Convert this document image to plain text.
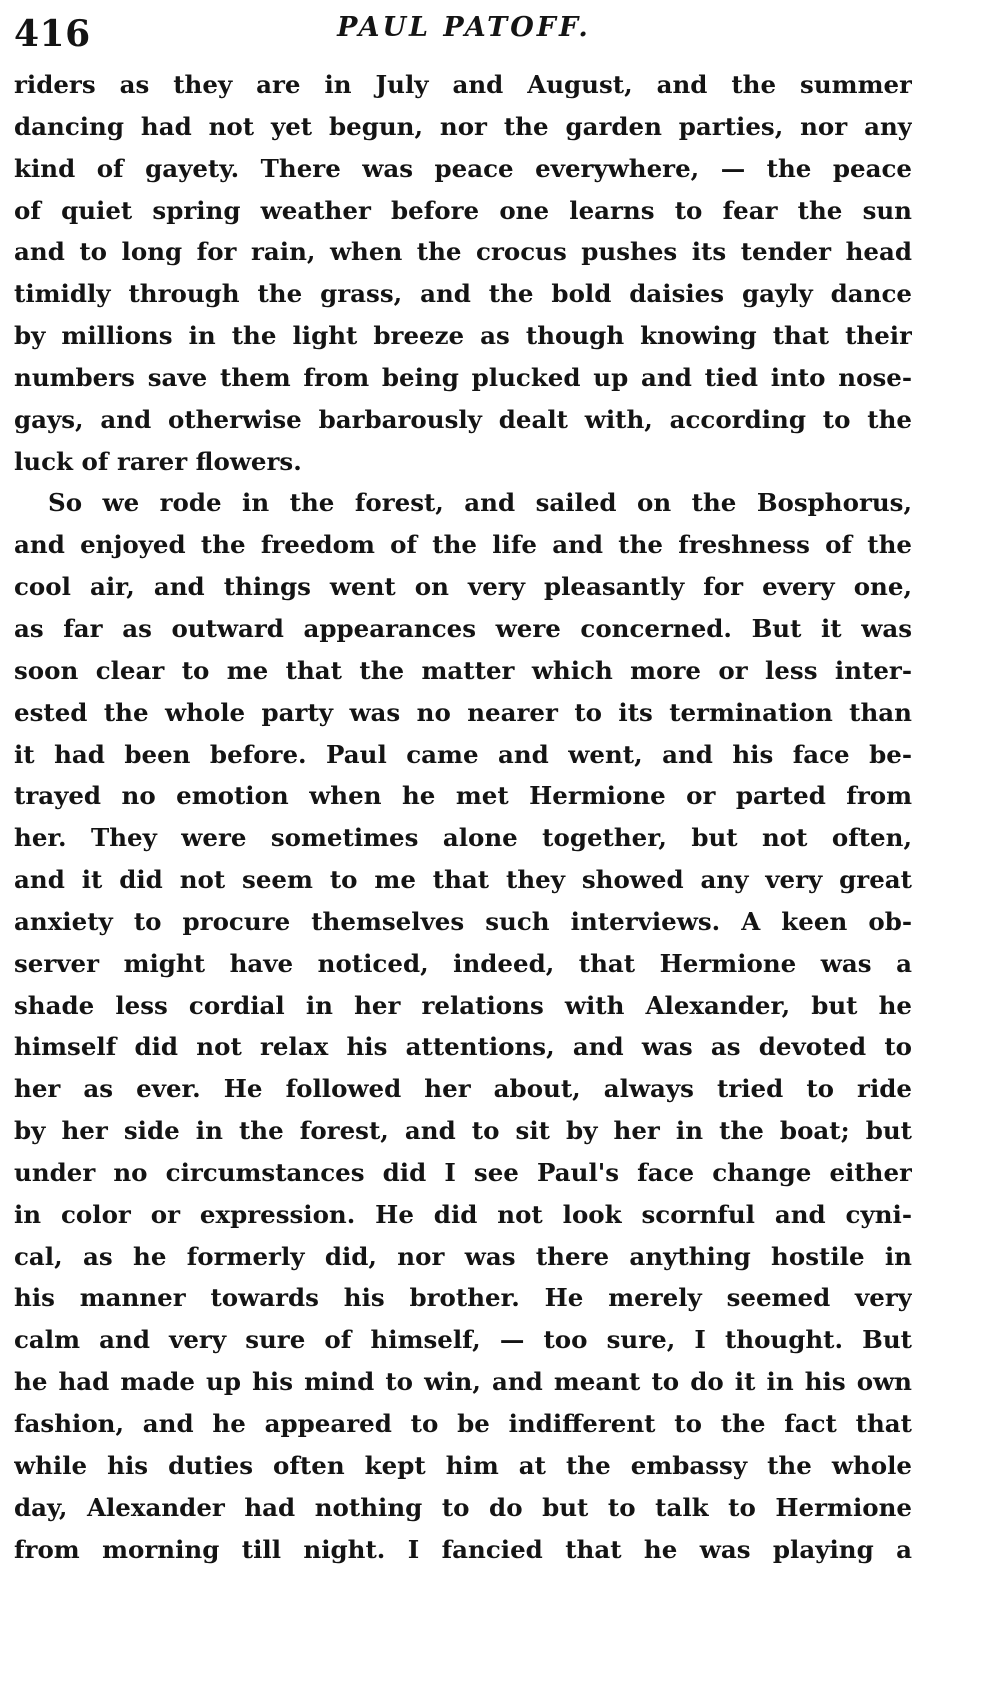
416	PAUL PATOFF.
riders as they are in July and August, and the summer
dancing had not yet begun, nor the garden parties, nor any
kind of gayety. There was peace everywhere, — the peace
of quiet spring weather before one learns to fear the sun
and to long for rain, when the crocus pushes its tender head
timidly through the grass, and the bold daisies gayly dance
by millions in the light breeze as though knowing that their
numbers save them from being plucked up and tied into nose-
gays, and otherwise barbarously dealt with, according to the
luck of rarer flowers.
So we rode in the forest, and sailed on the Bosphorus,
and enjoyed the freedom of the life and the freshness of the
cool air, and things went on very pleasantly for every one,
as far as outward appearances were concerned. But it was
soon clear to me that the matter which more or less inter-
ested the whole party was no nearer to its termination than
it had been before. Paul came and went, and his face be-
trayed no emotion when he met Hermione or parted from
her. They were sometimes alone together, but not often,
and it did not seem to me that they showed any very great
anxiety to procure themselves such interviews. A keen ob-
server might have noticed, indeed, that Hermione was a
shade less cordial in her relations with Alexander, but he
himself did not relax his attentions, and was as devoted to
her as ever. He followed her about, always tried to ride
by her side in the forest, and to sit by her in the boat; but
under no circumstances did I see Paul's face change either
in color or expression. He did not look scornful and cyni-
cal, as he formerly did, nor was there anything hostile in
his manner towards his brother. He merely seemed very
calm and very sure of himself, — too sure, I thought. But
he had made up his mind to win, and meant to do it in his own
fashion, and he appeared to be indifferent to the fact that
while his duties often kept him at the embassy the whole
day, Alexander had nothing to do but to talk to Hermione
from morning till night. I fancied that he was playing a
